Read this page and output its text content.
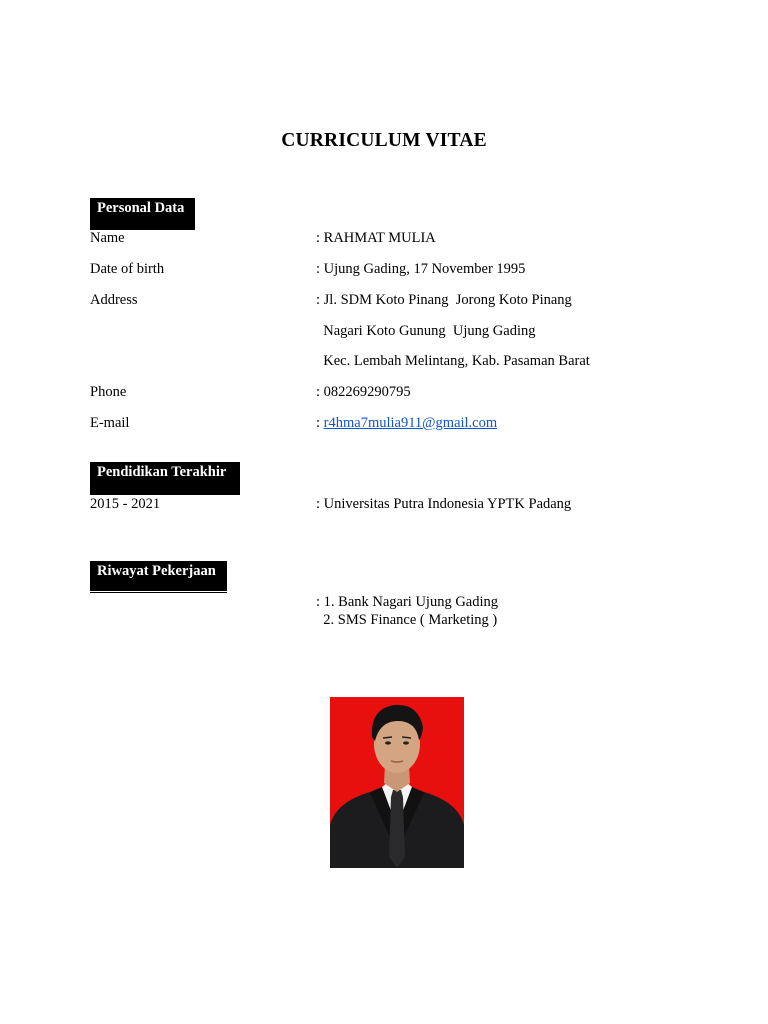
CURRICULUM VITAE
Personal Data
Name	: RAHMAT MULIA
Date of birth	: Ujung Gading, 17 November 1995
Address	: Jl. SDM Koto Pinang  Jorong Koto Pinang
Nagari Koto Gunung  Ujung Gading
Kec. Lembah Melintang, Kab. Pasaman Barat
Phone	: 082269290795
E-mail	: r4hma7mulia911@gmail.com
Pendidikan Terakhir
2015 - 2021	: Universitas Putra Indonesia YPTK Padang
Riwayat Pekerjaan
: 1. Bank Nagari Ujung Gading
2. SMS Finance ( Marketing )
